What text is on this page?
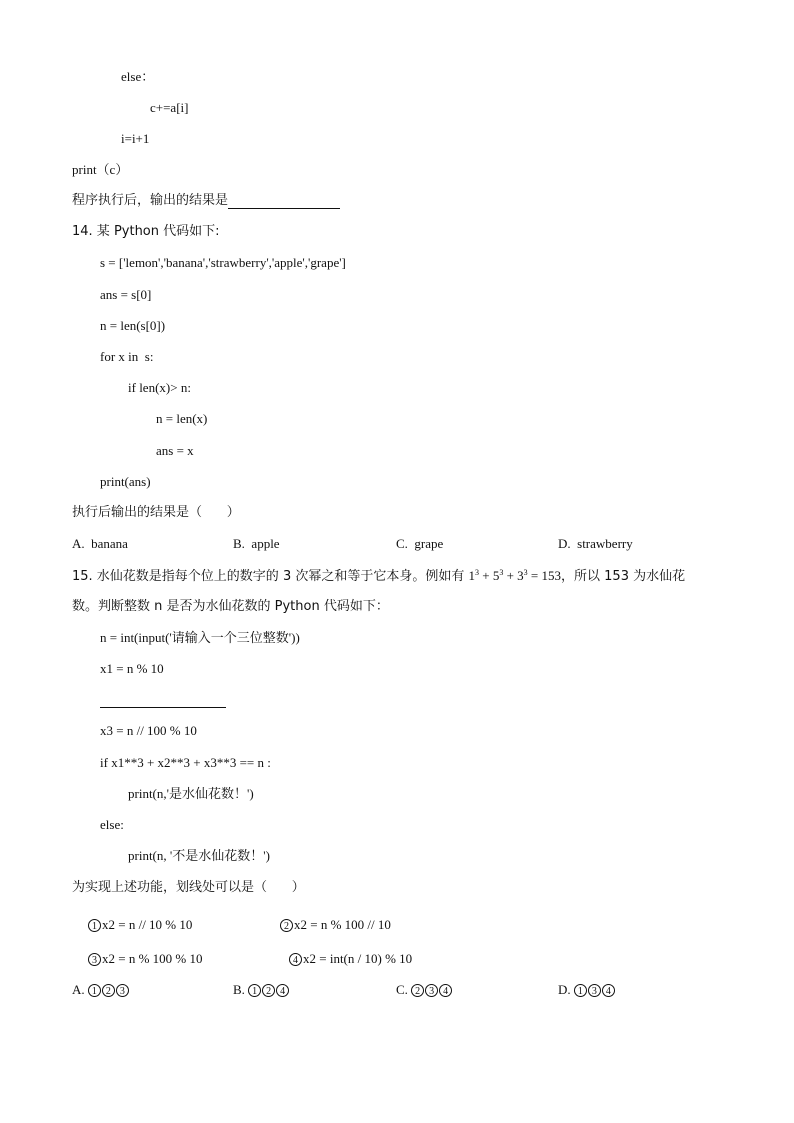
else：
c+=a[i]
i=i+1
print（c）
程序执行后，输出的结果是
14. 某 Python 代码如下:
s = ['lemon','banana','strawberry','apple','grape']
ans = s[0]
n = len(s[0])
for x in  s:
if len(x)> n:
n = len(x)
ans = x
print(ans)
执行后输出的结果是（      ）
A. banana	B. apple	C. grape	D. strawberry
15. 水仙花数是指每个位上的数字的 3 次幂之和等于它本身。例如有 $1^3 + 5^3 + 3^3 = 153$，所以 153 为水仙花
数。判断整数 n 是否为水仙花数的 Python 代码如下：
n = int(input('请输入一个三位整数'))
x1 = n % 10
x3 = n // 100 % 10
if x1**3 + x2**3 + x3**3 == n :
print(n,'是水仙花数！')
else:
print(n, '不是水仙花数！')
为实现上述功能，划线处可以是（      ）
1 x2 = n // 10 % 10	2 x2 = n % 100 // 10
3 x2 = n % 100 % 10	4 x2 = int(n / 10) % 10
A. 1 2 3	B. 1 2 4	C. 2 3 4	D. 1 3 4
